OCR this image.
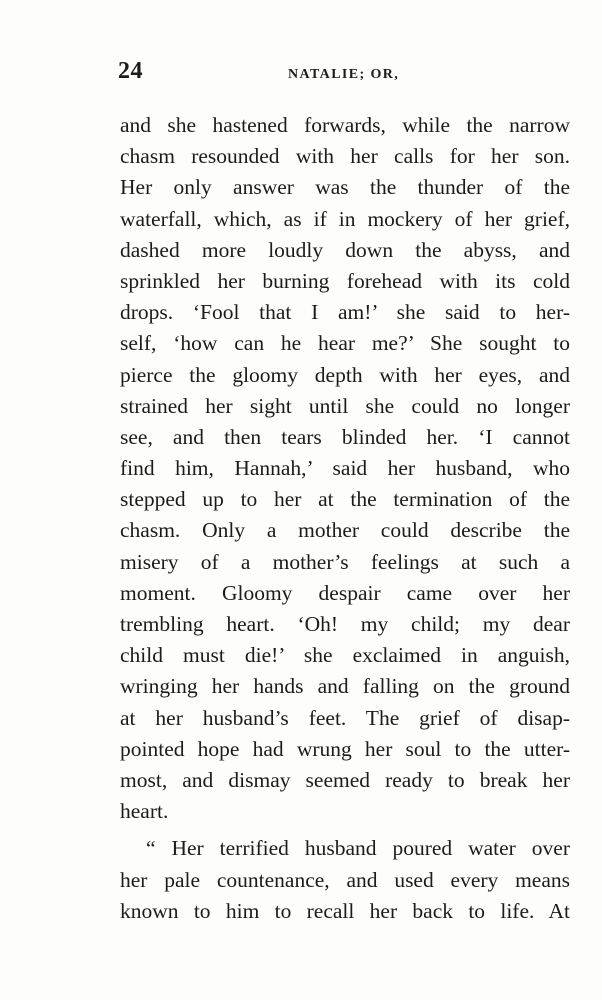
24	NATALIE; OR,
and she hastened forwards, while the narrow
chasm resounded with her calls for her son.
Her only answer was the thunder of the
waterfall, which, as if in mockery of her grief,
dashed more loudly down the abyss, and
sprinkled her burning forehead with its cold
drops. ‘Fool that I am!’ she said to her-
self, ‘how can he hear me?’ She sought to
pierce the gloomy depth with her eyes, and
strained her sight until she could no longer
see, and then tears blinded her. ‘I cannot
find him, Hannah,’ said her husband, who
stepped up to her at the termination of the
chasm. Only a mother could describe the
misery of a mother’s feelings at such a
moment. Gloomy despair came over her
trembling heart. ‘Oh! my child; my dear
child must die!’ she exclaimed in anguish,
wringing her hands and falling on the ground
at her husband’s feet. The grief of disap-
pointed hope had wrung her soul to the utter-
most, and dismay seemed ready to break her
heart.
“ Her terrified husband poured water over
her pale countenance, and used every means
known to him to recall her back to life. At
